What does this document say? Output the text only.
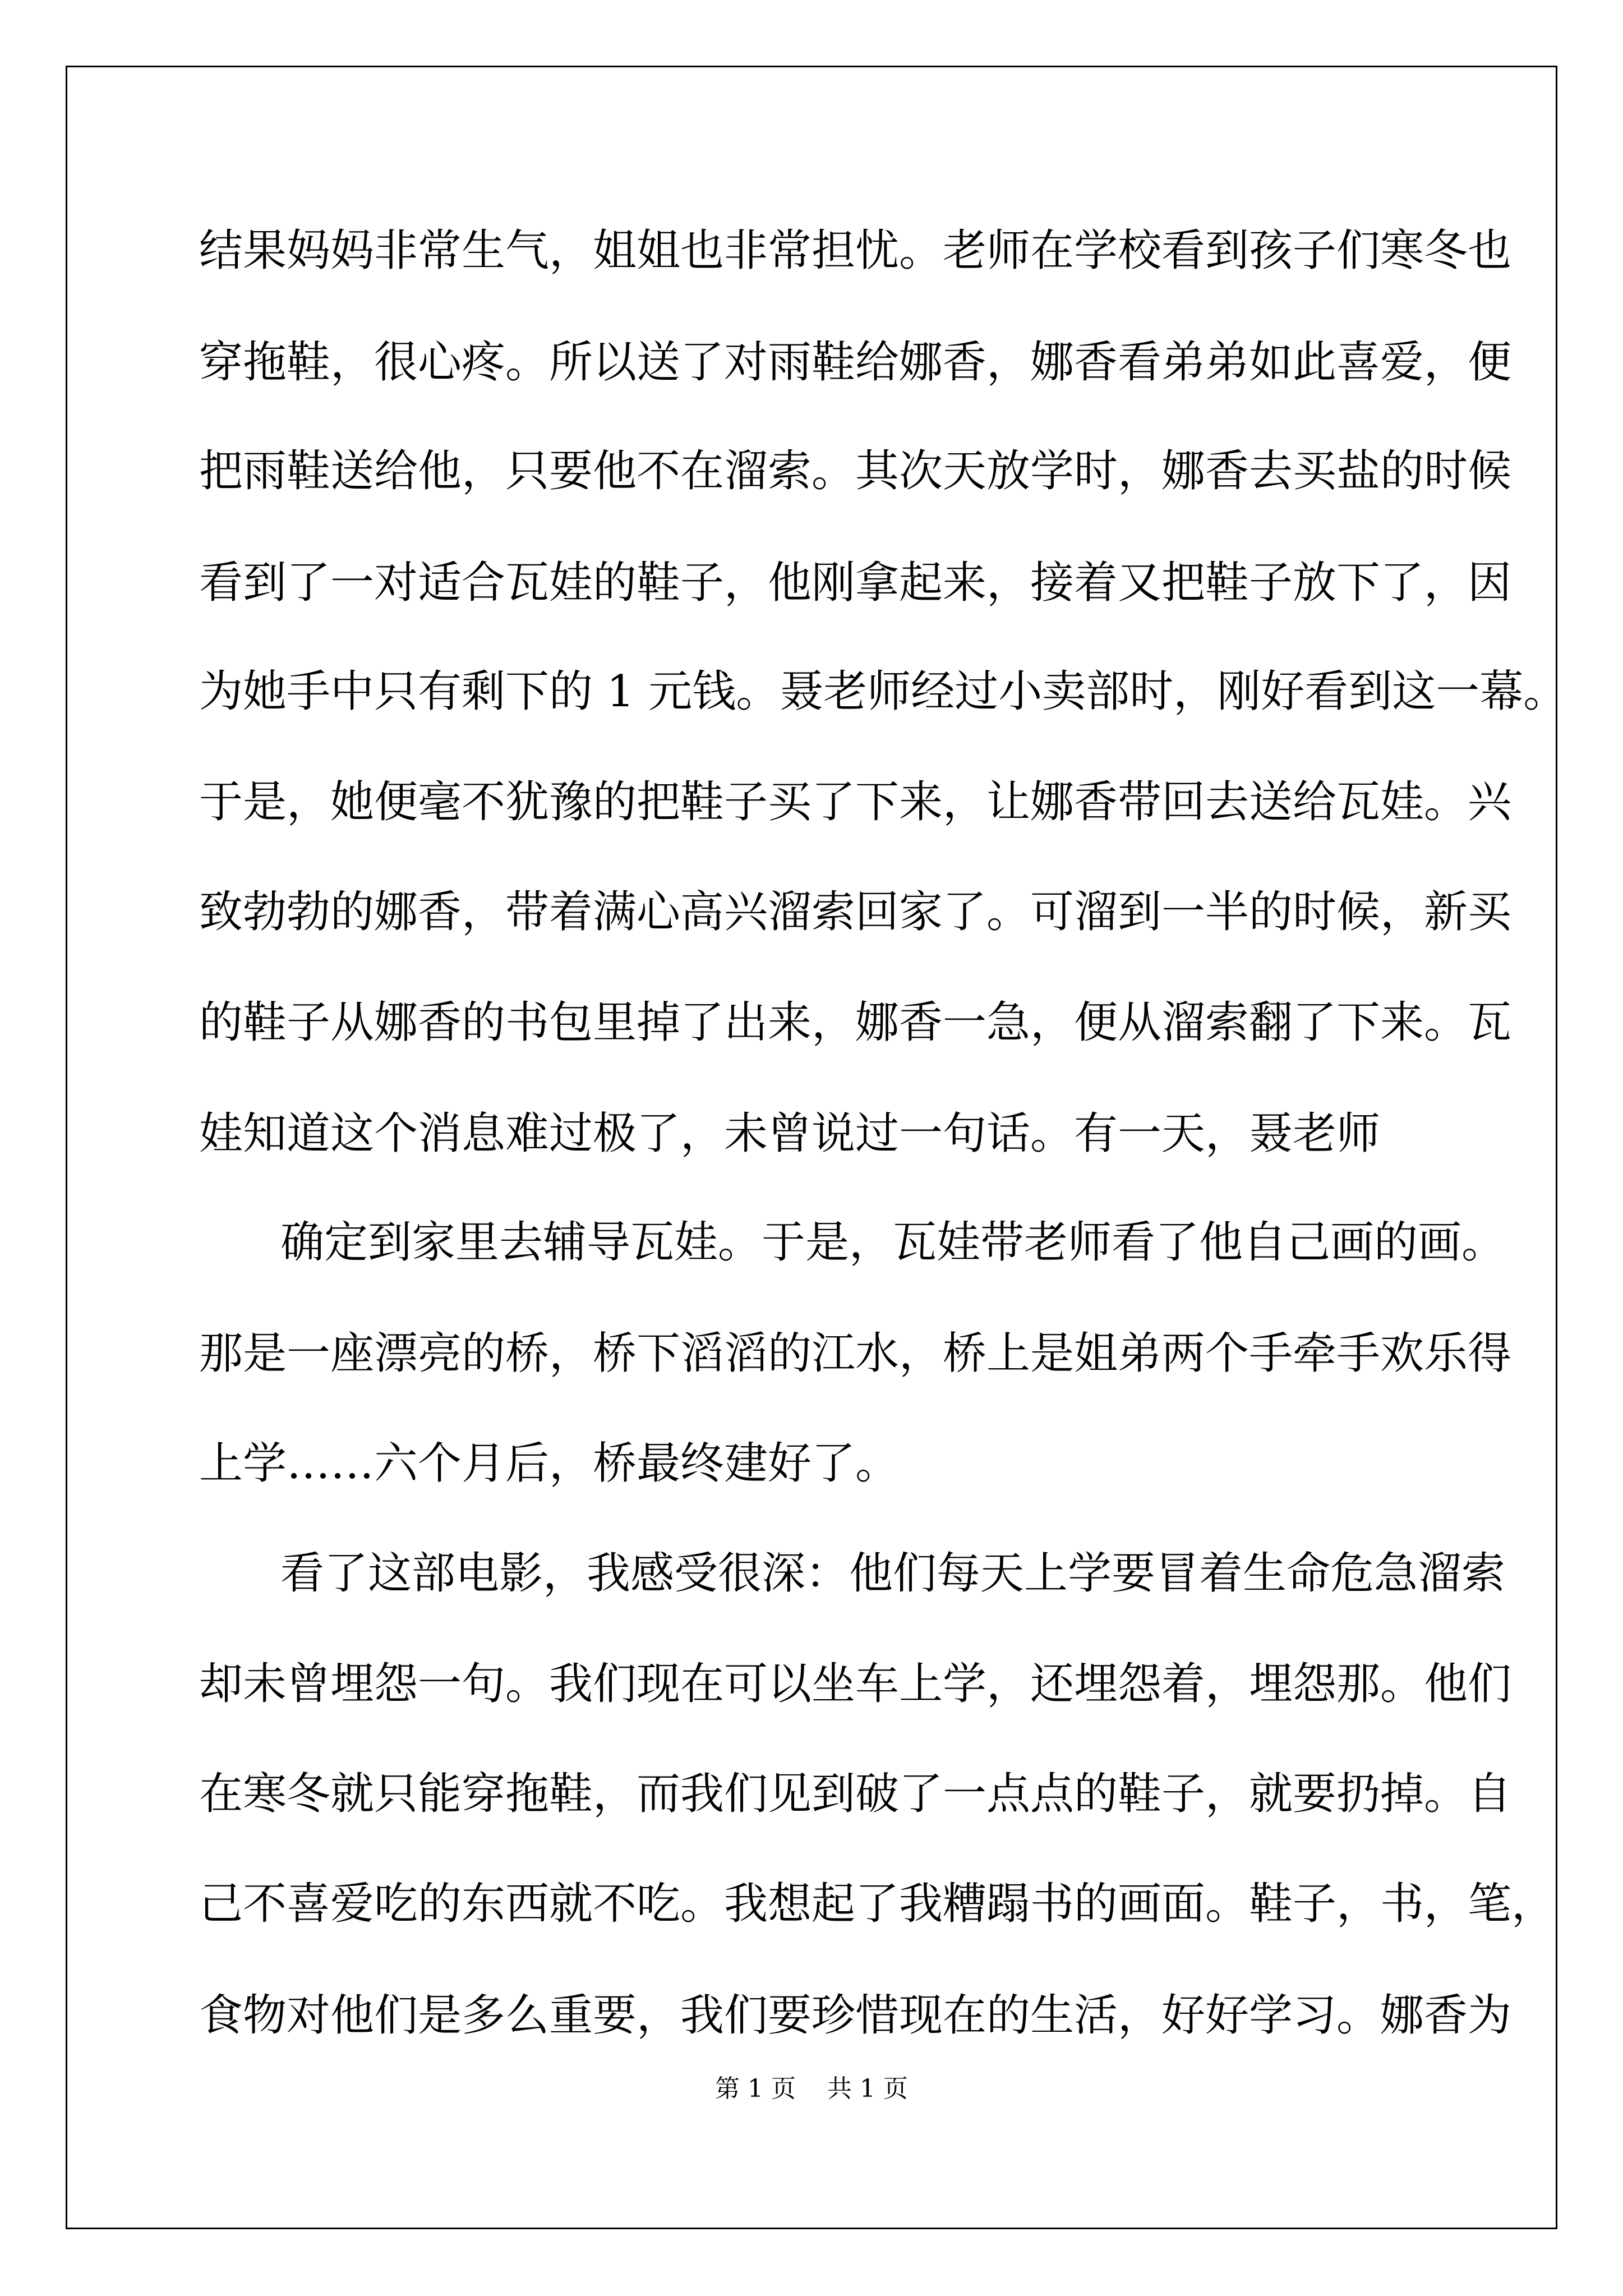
结果妈妈非常生气，姐姐也非常担忧。老师在学校看到孩子们寒冬也

穿拖鞋，很心疼。所以送了对雨鞋给娜香，娜香看弟弟如此喜爱，便

把雨鞋送给他，只要他不在溜索。其次天放学时，娜香去买盐的时候

看到了一对适合瓦娃的鞋子，他刚拿起来，接着又把鞋子放下了，因

为她手中只有剩下的 1 元钱。聂老师经过小卖部时，刚好看到这一幕。

于是，她便毫不犹豫的把鞋子买了下来，让娜香带回去送给瓦娃。兴

致勃勃的娜香，带着满心高兴溜索回家了。可溜到一半的时候，新买

的鞋子从娜香的书包里掉了出来，娜香一急，便从溜索翻了下来。瓦

娃知道这个消息难过极了，未曾说过一句话。有一天，聂老师

确定到家里去辅导瓦娃。于是，瓦娃带老师看了他自己画的画。

那是一座漂亮的桥，桥下滔滔的江水，桥上是姐弟两个手牵手欢乐得

上学……六个月后，桥最终建好了。

看了这部电影，我感受很深：他们每天上学要冒着生命危急溜索

却未曾埋怨一句。我们现在可以坐车上学，还埋怨着，埋怨那。他们

在寒冬就只能穿拖鞋，而我们见到破了一点点的鞋子，就要扔掉。自

己不喜爱吃的东西就不吃。我想起了我糟蹋书的画面。鞋子，书，笔，

食物对他们是多么重要，我们要珍惜现在的生活，好好学习。娜香为

第 1 页    共 1 页
